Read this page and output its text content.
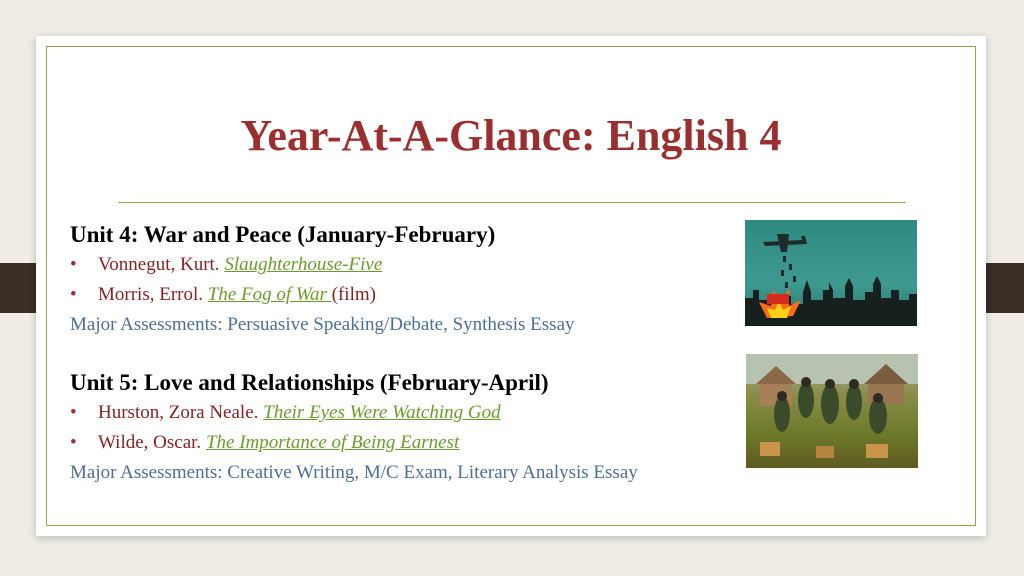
Year-At-A-Glance: English 4
Unit 4: War and Peace (January-February)
• Vonnegut, Kurt. Slaughterhouse-Five
• Morris, Errol. The Fog of War (film)
Major Assessments: Persuasive Speaking/Debate, Synthesis Essay
Unit 5: Love and Relationships (February-April)
• Hurston, Zora Neale. Their Eyes Were Watching God
• Wilde, Oscar. The Importance of Being Earnest
Major Assessments: Creative Writing, M/C Exam, Literary Analysis Essay
